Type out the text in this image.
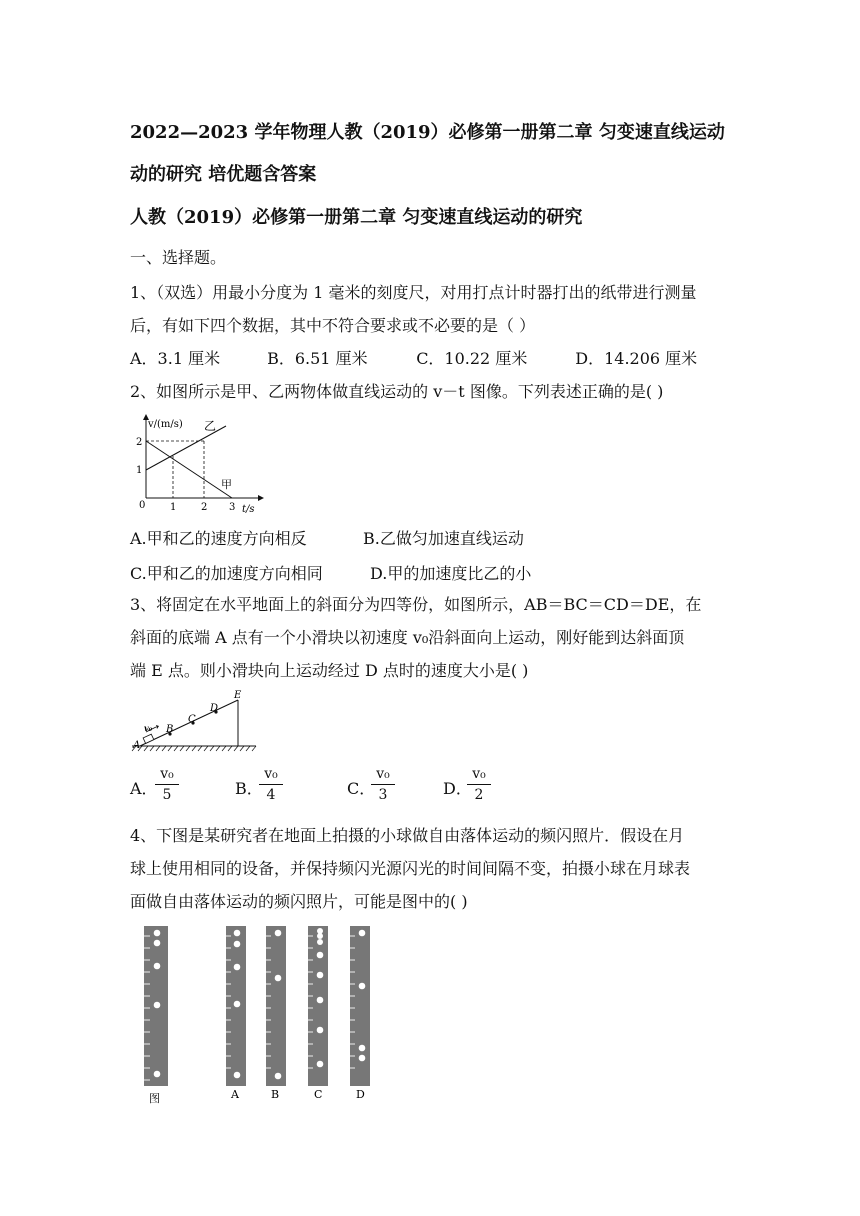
2022—2023 学年物理人教（2019）必修第一册第二章 匀变速直线运动
动的研究 培优题含答案
人教（2019）必修第一册第二章 匀变速直线运动的研究
一、选择题。
1、（双选）用最小分度为 1 毫米的刻度尺，对用打点计时器打出的纸带进行测量
后，有如下四个数据，其中不符合要求或不必要的是（ ）
A．3.1 厘米	B．6.51 厘米	C．10.22 厘米	D．14.206 厘米
2、如图所示是甲、乙两物体做直线运动的 v－t 图像。下列表述正确的是( )
v/(m/s)
t/s
2
1
0 1 2 3
乙
甲
A.甲和乙的速度方向相反	B.乙做匀加速直线运动
C.甲和乙的加速度方向相同	D.甲的加速度比乙的小
3、将固定在水平地面上的斜面分为四等份，如图所示，AB＝BC＝CD＝DE，在
斜面的底端 A 点有一个小滑块以初速度 v₀沿斜面向上运动，刚好能到达斜面顶
端 E 点。则小滑块向上运动经过 D 点时的速度大小是( )
v₀
A
B
C
D
E
A．
v₀
5	B．
v₀
4	C．
v₀
3	D．
v₀
2
4、下图是某研究者在地面上拍摄的小球做自由落体运动的频闪照片．假设在月
球上使用相同的设备，并保持频闪光源闪光的时间间隔不变，拍摄小球在月球表
面做自由落体运动的频闪照片，可能是图中的( )
图	A	B	C	D
